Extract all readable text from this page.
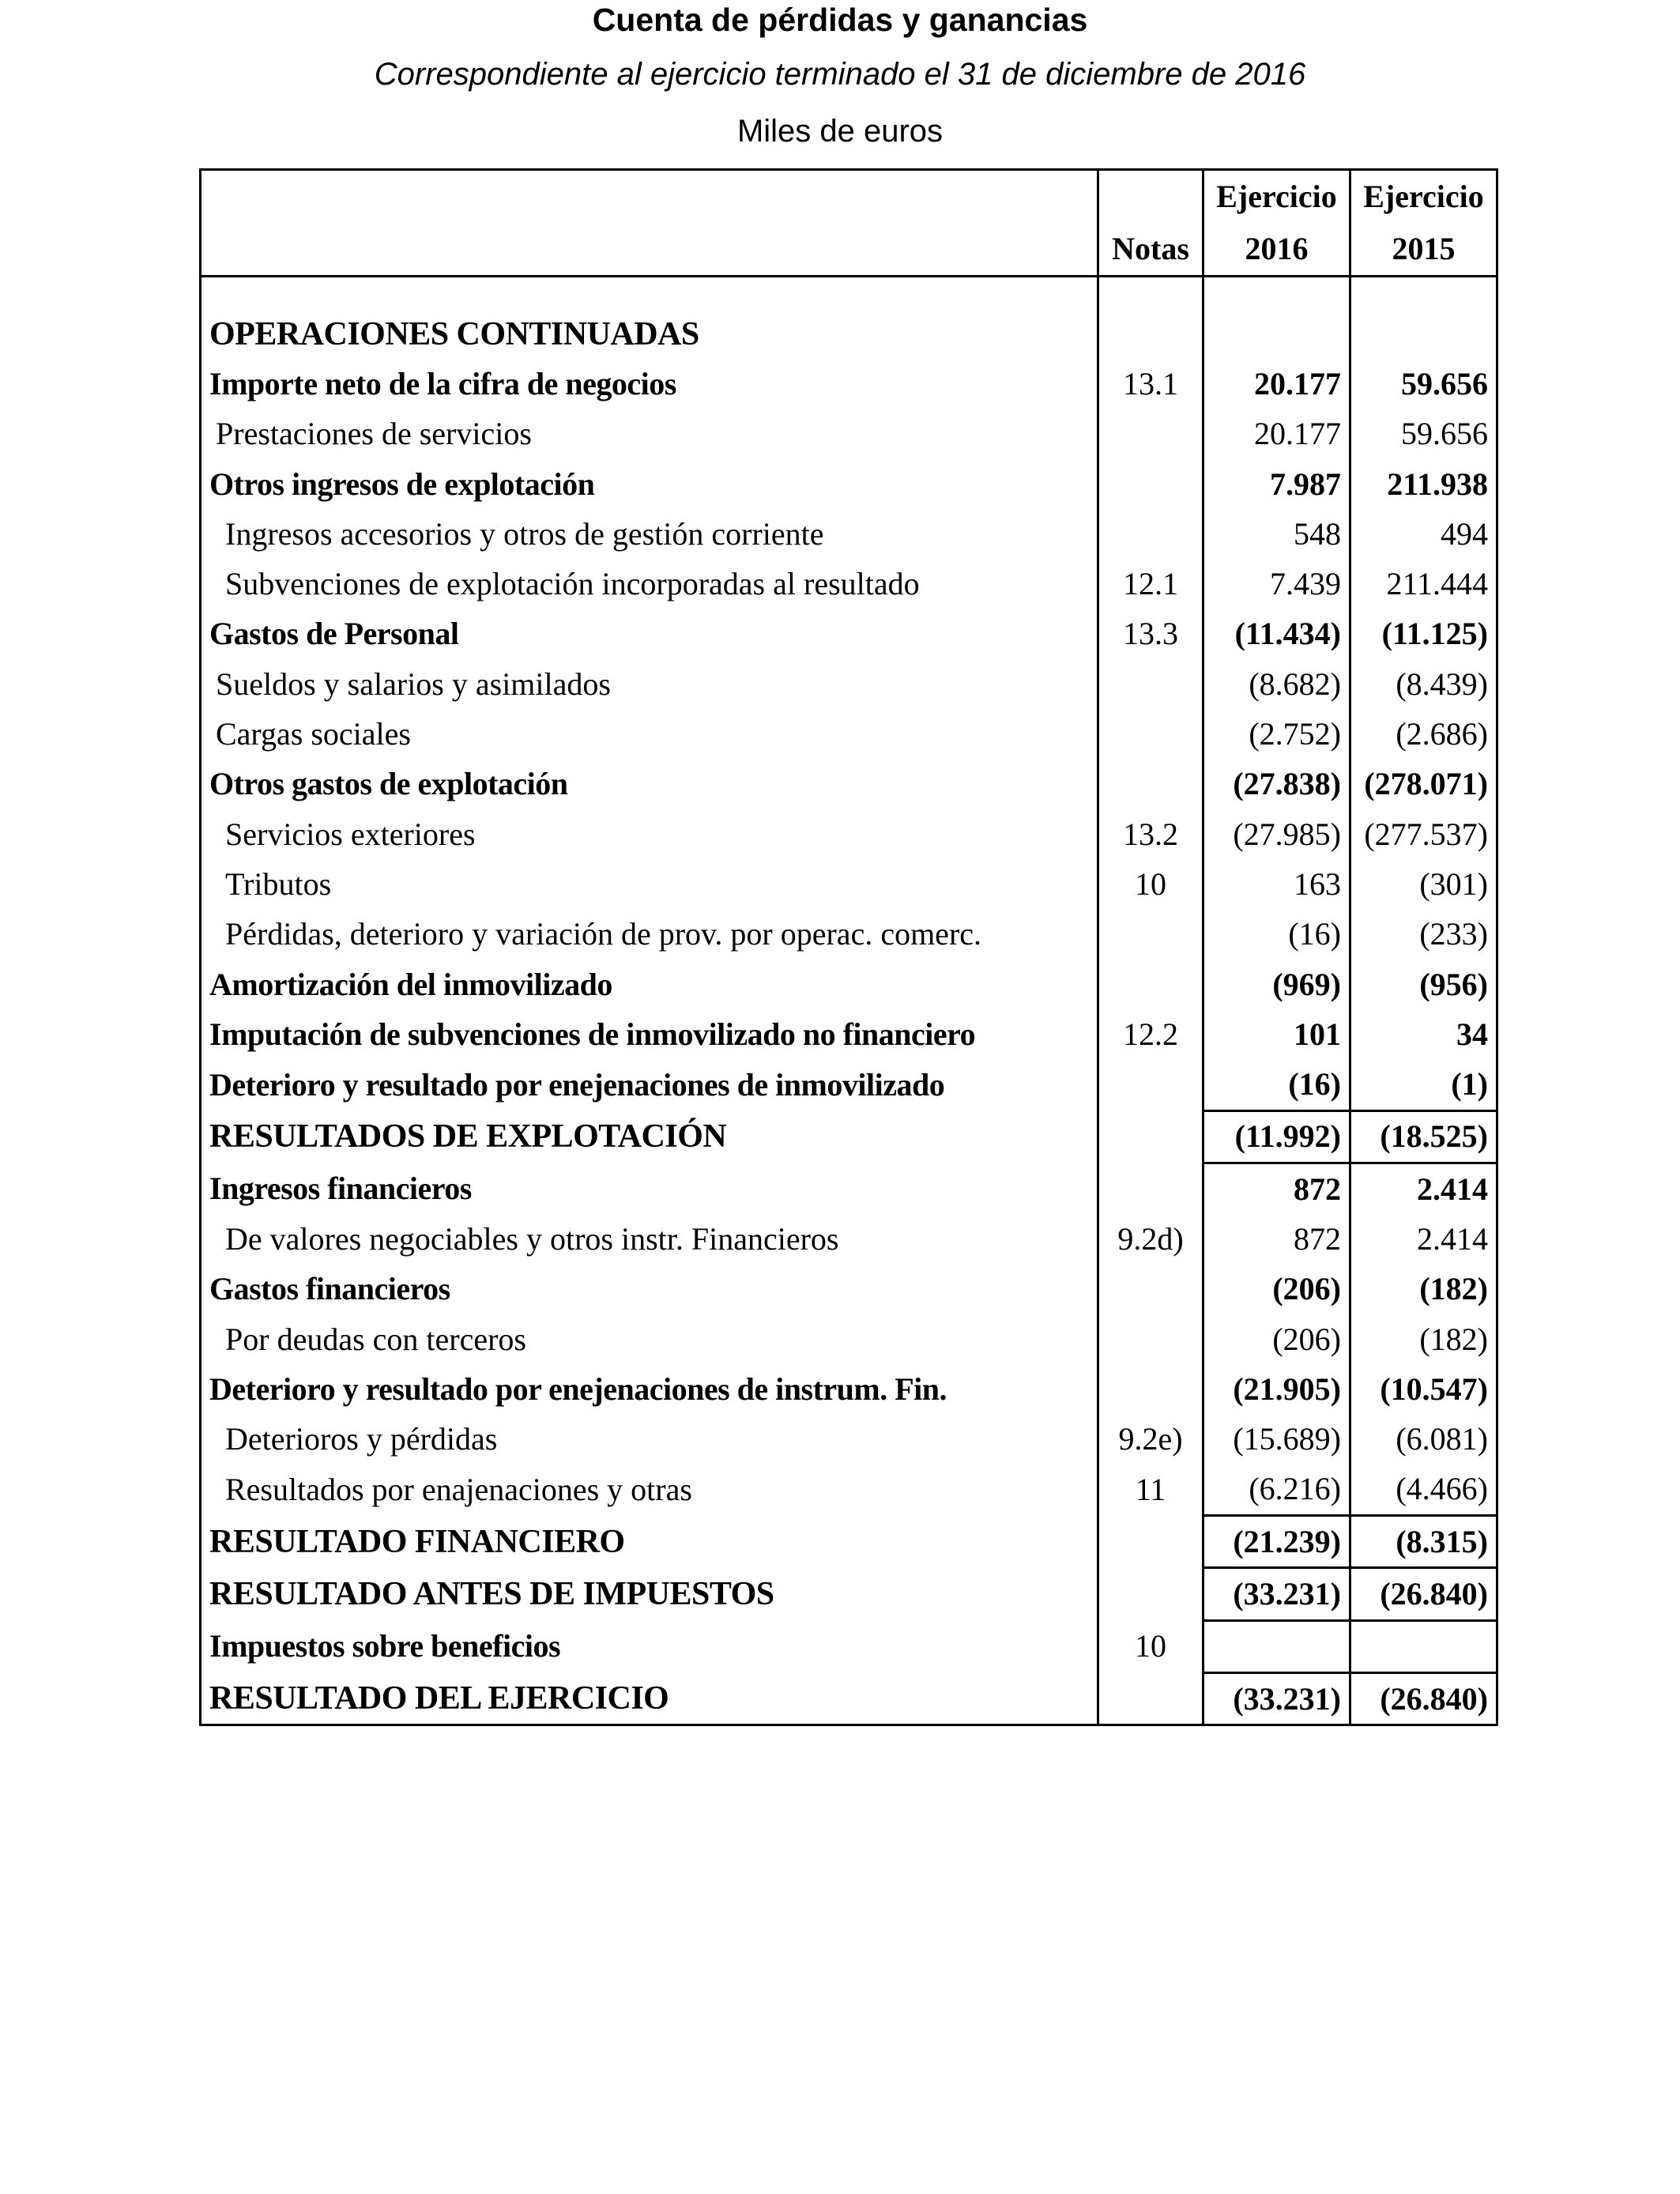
Cuenta de pérdidas y ganancias
Correspondiente al ejercicio terminado el 31 de diciembre de 2016
Miles de euros
		Ejercicio	Ejercicio
	Notas	2016	2015

OPERACIONES CONTINUADAS			
Importe neto de la cifra de negocios	13.1	20.177	59.656
Prestaciones de servicios		20.177	59.656
Otros ingresos de explotación		7.987	211.938
Ingresos accesorios y otros de gestión corriente		548	494
Subvenciones de explotación incorporadas al resultado	12.1	7.439	211.444
Gastos de Personal	13.3	(11.434)	(11.125)
Sueldos y salarios y asimilados		(8.682)	(8.439)
Cargas sociales		(2.752)	(2.686)
Otros gastos de explotación		(27.838)	(278.071)
Servicios exteriores	13.2	(27.985)	(277.537)
Tributos	10	163	(301)
Pérdidas, deterioro y variación de prov. por operac. comerc.		(16)	(233)
Amortización del inmovilizado		(969)	(956)
Imputación de subvenciones de inmovilizado no financiero	12.2	101	34
Deterioro y resultado por enejenaciones de inmovilizado		(16)	(1)
RESULTADOS DE EXPLOTACIÓN		(11.992)	(18.525)
Ingresos financieros		872	2.414
De valores negociables y otros instr. Financieros	9.2d)	872	2.414
Gastos financieros		(206)	(182)
Por deudas con terceros		(206)	(182)
Deterioro y resultado por enejenaciones de instrum. Fin.		(21.905)	(10.547)
Deterioros y pérdidas	9.2e)	(15.689)	(6.081)
Resultados por enajenaciones y otras	11	(6.216)	(4.466)
RESULTADO FINANCIERO		(21.239)	(8.315)
RESULTADO ANTES DE IMPUESTOS		(33.231)	(26.840)
Impuestos sobre beneficios	10		
RESULTADO DEL EJERCICIO		(33.231)	(26.840)
